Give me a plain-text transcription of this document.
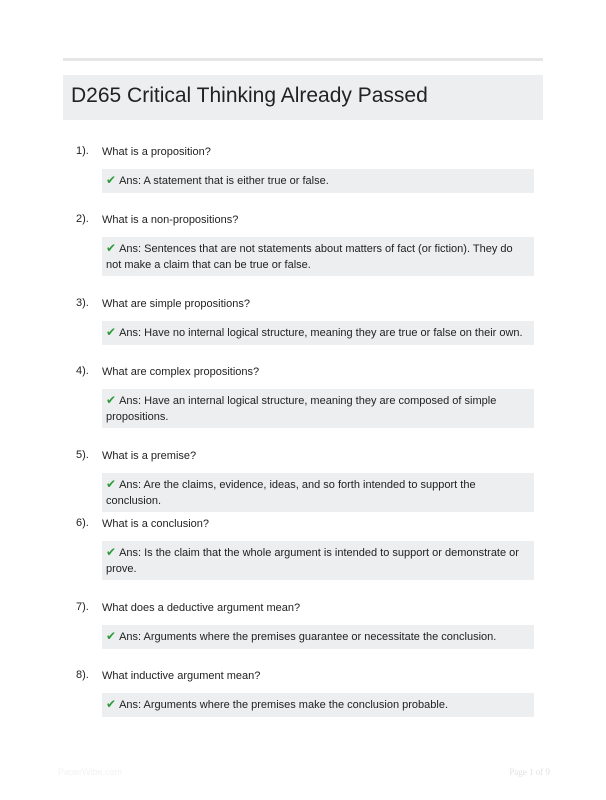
D265 Critical Thinking Already Passed
1). What is a proposition?
✔ Ans: A statement that is either true or false.
2). What is a non-propositions?
✔ Ans: Sentences that are not statements about matters of fact (or fiction). They do not make a claim that can be true or false.
3). What are simple propositions?
✔ Ans: Have no internal logical structure, meaning they are true or false on their own.
4). What are complex propositions?
✔ Ans: Have an internal logical structure, meaning they are composed of simple propositions.
5). What is a premise?
✔ Ans: Are the claims, evidence, ideas, and so forth intended to support the conclusion.
6). What is a conclusion?
✔ Ans: Is the claim that the whole argument is intended to support or demonstrate or prove.
7). What does a deductive argument mean?
✔ Ans: Arguments where the premises guarantee or necessitate the conclusion.
8). What inductive argument mean?
✔ Ans: Arguments where the premises make the conclusion probable.
PaperWibe.com	Page 1 of 9
